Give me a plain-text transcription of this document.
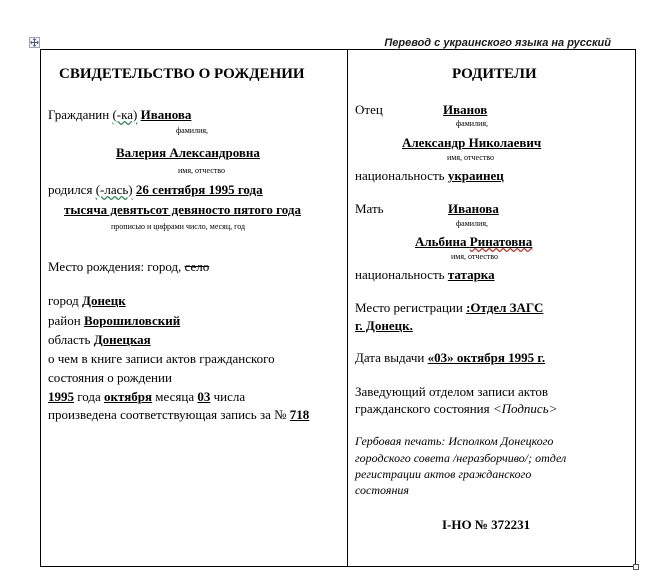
Перевод с украинского языка на русский
СВИДЕТЕЛЬСТВО О РОЖДЕНИИ
Гражданин (-ка) Иванова
фамилия,
Валерия Александровна
имя, отчество
родился (-лась) 26 сентября 1995 года
тысяча девятьсот девяносто пятого года
прописью и цифрами число, месяц, год
Место рождения: город, село
город Донецк
район Ворошиловский
область Донецкая
о чем в книге записи актов гражданского
состояния о рождении
1995 года октября месяца 03 числа
произведена соответствующая запись за № 718
РОДИТЕЛИ
Отец	Иванов
фамилия,
Александр Николаевич
имя, отчество
национальность украинец
Мать	Иванова
фамилия,
Альбина Ринатовна
имя, отчество
национальность татарка
Место регистрации :Отдел ЗАГС
г. Донецк.
Дата выдачи «03» октября 1995 г.
Заведующий отделом записи актов
гражданского состояния <Подпись>
Гербовая печать: Исполком Донецкого
городского совета /неразборчиво/; отдел
регистрации актов гражданского
состояния
I-НО № 372231
